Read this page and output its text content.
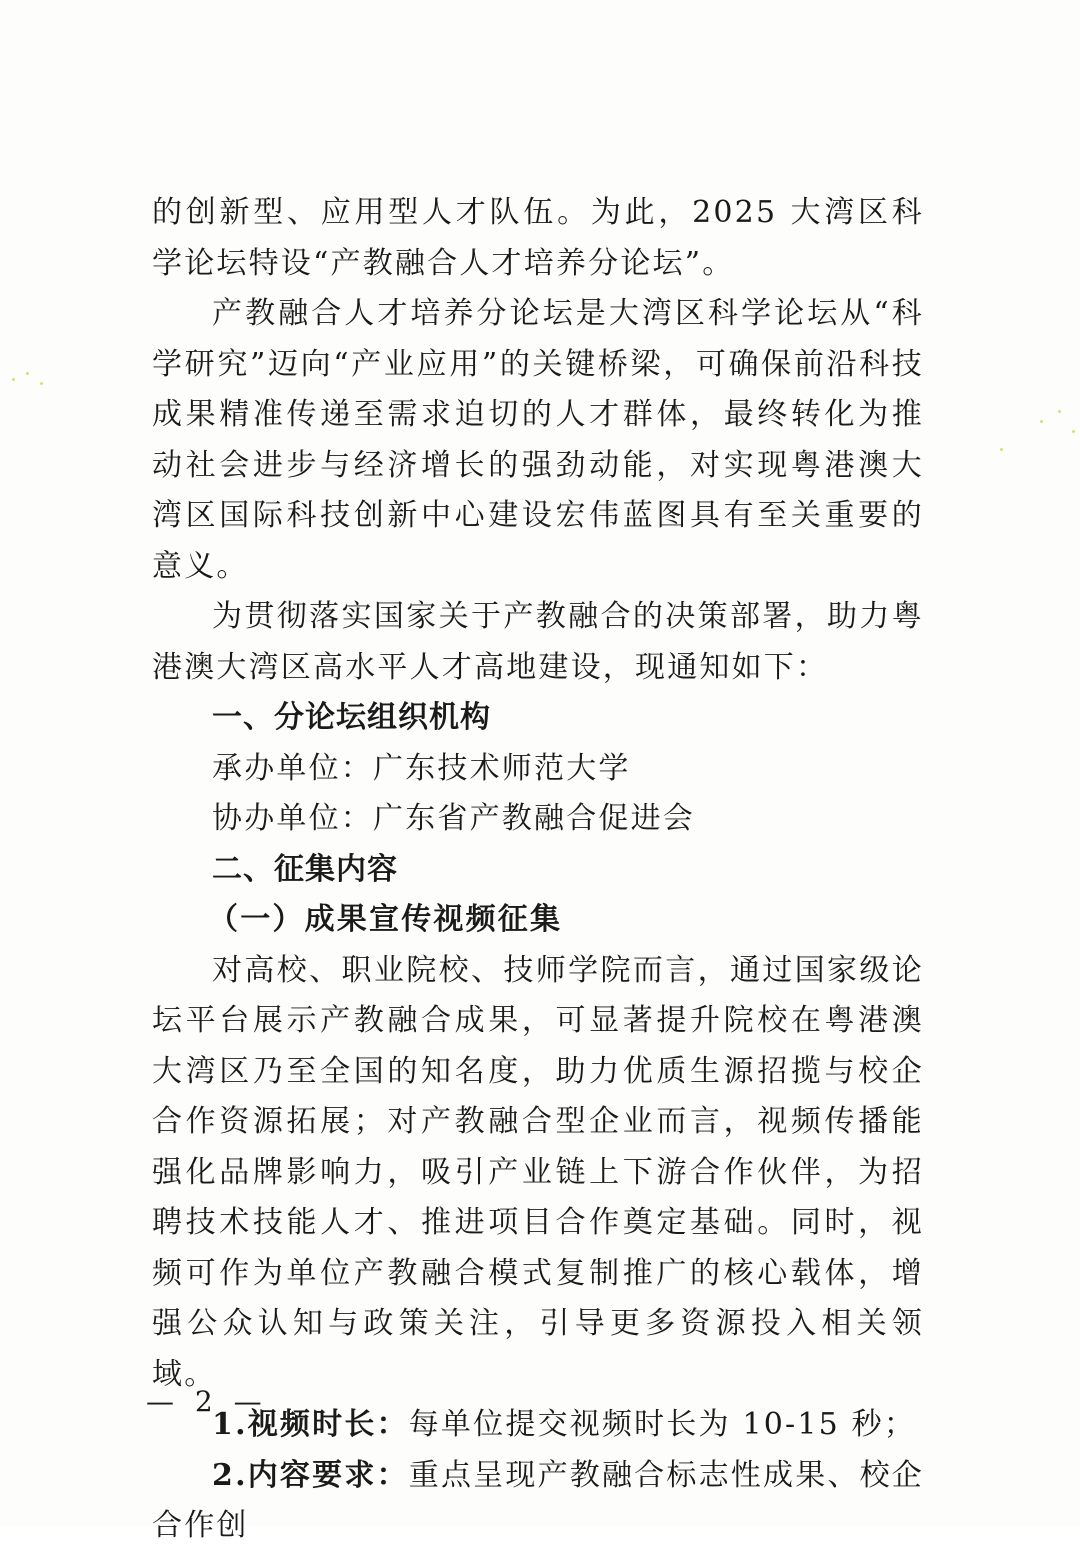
的创新型、应用型人才队伍。为此，2025 大湾区科学论坛特设“产教融合人才培养分论坛”。

产教融合人才培养分论坛是大湾区科学论坛从“科学研究”迈向“产业应用”的关键桥梁，可确保前沿科技成果精准传递至需求迫切的人才群体，最终转化为推动社会进步与经济增长的强劲动能，对实现粤港澳大湾区国际科技创新中心建设宏伟蓝图具有至关重要的意义。

为贯彻落实国家关于产教融合的决策部署，助力粤港澳大湾区高水平人才高地建设，现通知如下：

一、分论坛组织机构

承办单位：广东技术师范大学

协办单位：广东省产教融合促进会

二、征集内容

（一）成果宣传视频征集

对高校、职业院校、技师学院而言，通过国家级论坛平台展示产教融合成果，可显著提升院校在粤港澳大湾区乃至全国的知名度，助力优质生源招揽与校企合作资源拓展；对产教融合型企业而言，视频传播能强化品牌影响力，吸引产业链上下游合作伙伴，为招聘技术技能人才、推进项目合作奠定基础。同时，视频可作为单位产教融合模式复制推广的核心载体，增强公众认知与政策关注，引导更多资源投入相关领域。

1.视频时长：每单位提交视频时长为 10-15 秒；

2.内容要求：重点呈现产教融合标志性成果、校企合作创

— 2 —
